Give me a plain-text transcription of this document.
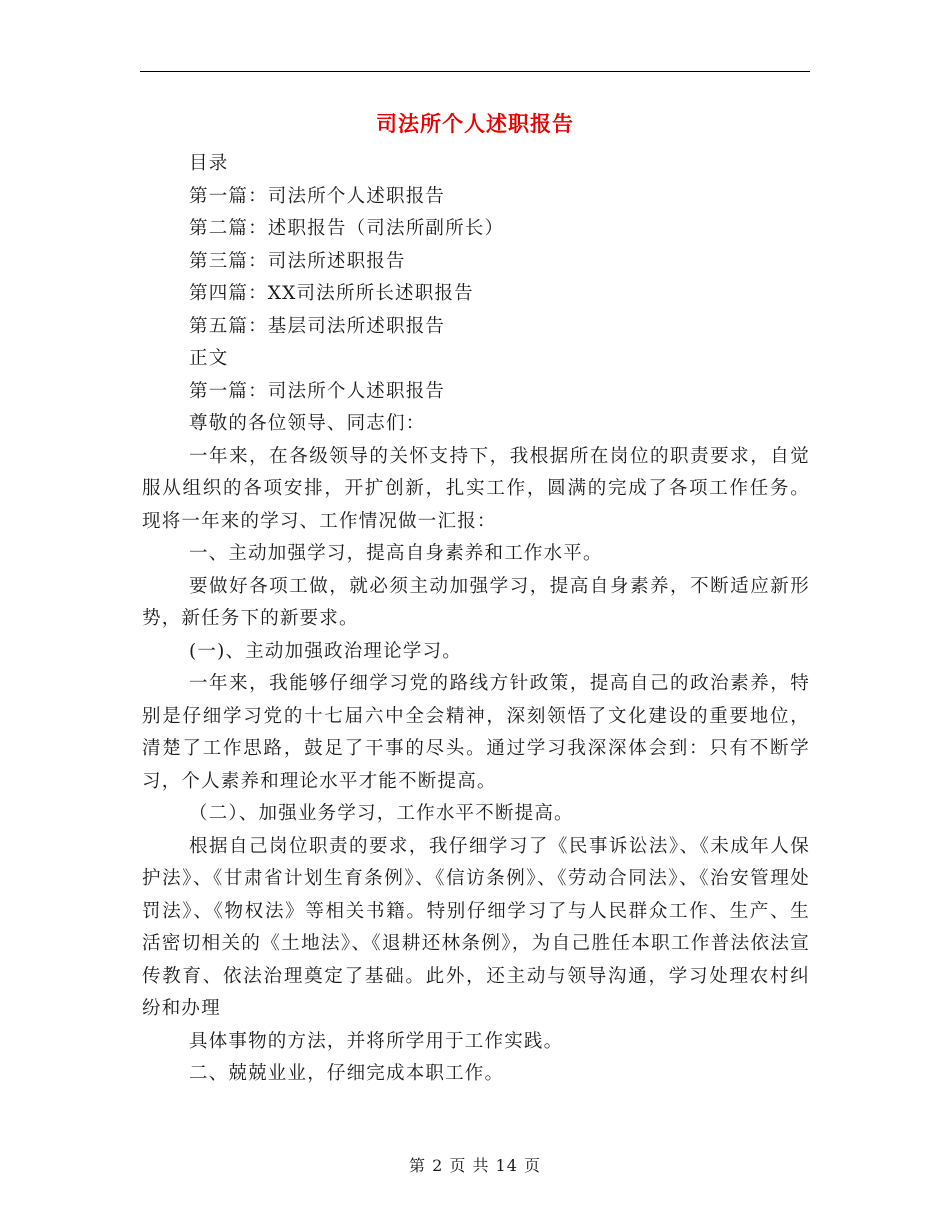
司法所个人述职报告

目录

第一篇：司法所个人述职报告

第二篇：述职报告（司法所副所长）

第三篇：司法所述职报告

第四篇：XX司法所所长述职报告

第五篇：基层司法所述职报告

正文

第一篇：司法所个人述职报告

尊敬的各位领导、同志们：

一年来，在各级领导的关怀支持下，我根据所在岗位的职责要求，自觉服从组织的各项安排，开扩创新，扎实工作，圆满的完成了各项工作任务。现将一年来的学习、工作情况做一汇报：

一、主动加强学习，提高自身素养和工作水平。

要做好各项工做，就必须主动加强学习，提高自身素养，不断适应新形势，新任务下的新要求。

(一)、主动加强政治理论学习。

一年来，我能够仔细学习党的路线方针政策，提高自己的政治素养，特别是仔细学习党的十七届六中全会精神，深刻领悟了文化建设的重要地位，清楚了工作思路，鼓足了干事的尽头。通过学习我深深体会到：只有不断学习，个人素养和理论水平才能不断提高。

（二）、加强业务学习，工作水平不断提高。

根据自己岗位职责的要求，我仔细学习了《民事诉讼法》、《未成年人保护法》、《甘肃省计划生育条例》、《信访条例》、《劳动合同法》、《治安管理处罚法》、《物权法》等相关书籍。特别仔细学习了与人民群众工作、生产、生活密切相关的《土地法》、《退耕还林条例》，为自己胜任本职工作普法依法宣传教育、依法治理奠定了基础。此外，还主动与领导沟通，学习处理农村纠纷和办理

具体事物的方法，并将所学用于工作实践。

二、兢兢业业，仔细完成本职工作。

第 2 页 共 14 页
